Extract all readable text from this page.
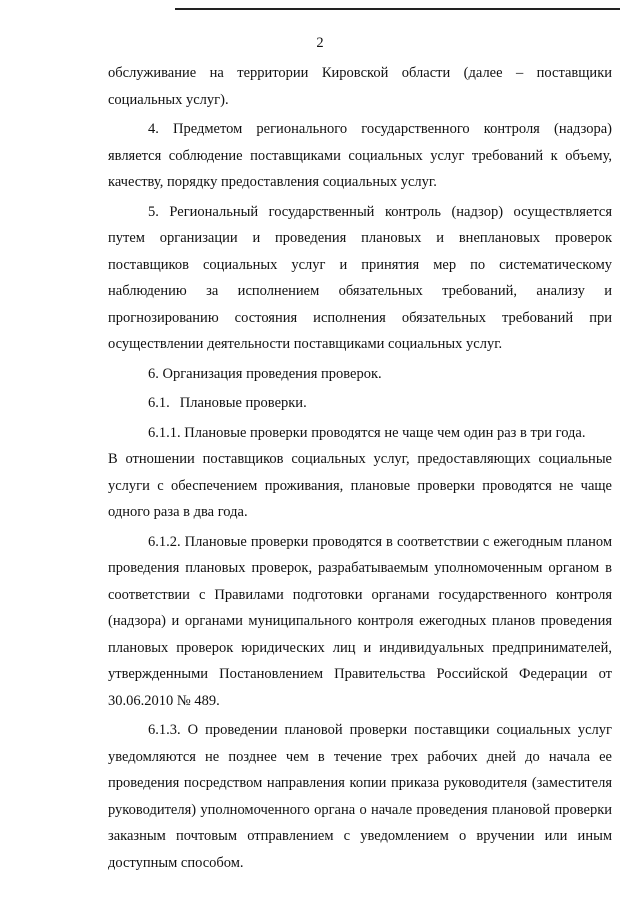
2

обслуживание на территории Кировской области (далее – поставщики социальных услуг).

4. Предметом регионального государственного контроля (надзора) является соблюдение поставщиками социальных услуг требований к объему, качеству, порядку предоставления социальных услуг.

5. Региональный государственный контроль (надзор) осуществляется путем организации и проведения плановых и внеплановых проверок поставщиков социальных услуг и принятия мер по систематическому наблюдению за исполнением обязательных требований, анализу и прогнозированию состояния исполнения обязательных требований при осуществлении деятельности поставщиками социальных услуг.

6. Организация проведения проверок.

6.1. Плановые проверки.

6.1.1. Плановые проверки проводятся не чаще чем один раз в три года.

В отношении поставщиков социальных услуг, предоставляющих социальные услуги с обеспечением проживания, плановые проверки проводятся не чаще одного раза в два года.

6.1.2. Плановые проверки проводятся в соответствии с ежегодным планом проведения плановых проверок, разрабатываемым уполномоченным органом в соответствии с Правилами подготовки органами государственного контроля (надзора) и органами муниципального контроля ежегодных планов проведения плановых проверок юридических лиц и индивидуальных предпринимателей, утвержденными Постановлением Правительства Российской Федерации от 30.06.2010 № 489.

6.1.3. О проведении плановой проверки поставщики социальных услуг уведомляются не позднее чем в течение трех рабочих дней до начала ее проведения посредством направления копии приказа руководителя (заместителя руководителя) уполномоченного органа о начале проведения плановой проверки заказным почтовым отправлением с уведомлением о вручении или иным доступным способом.
